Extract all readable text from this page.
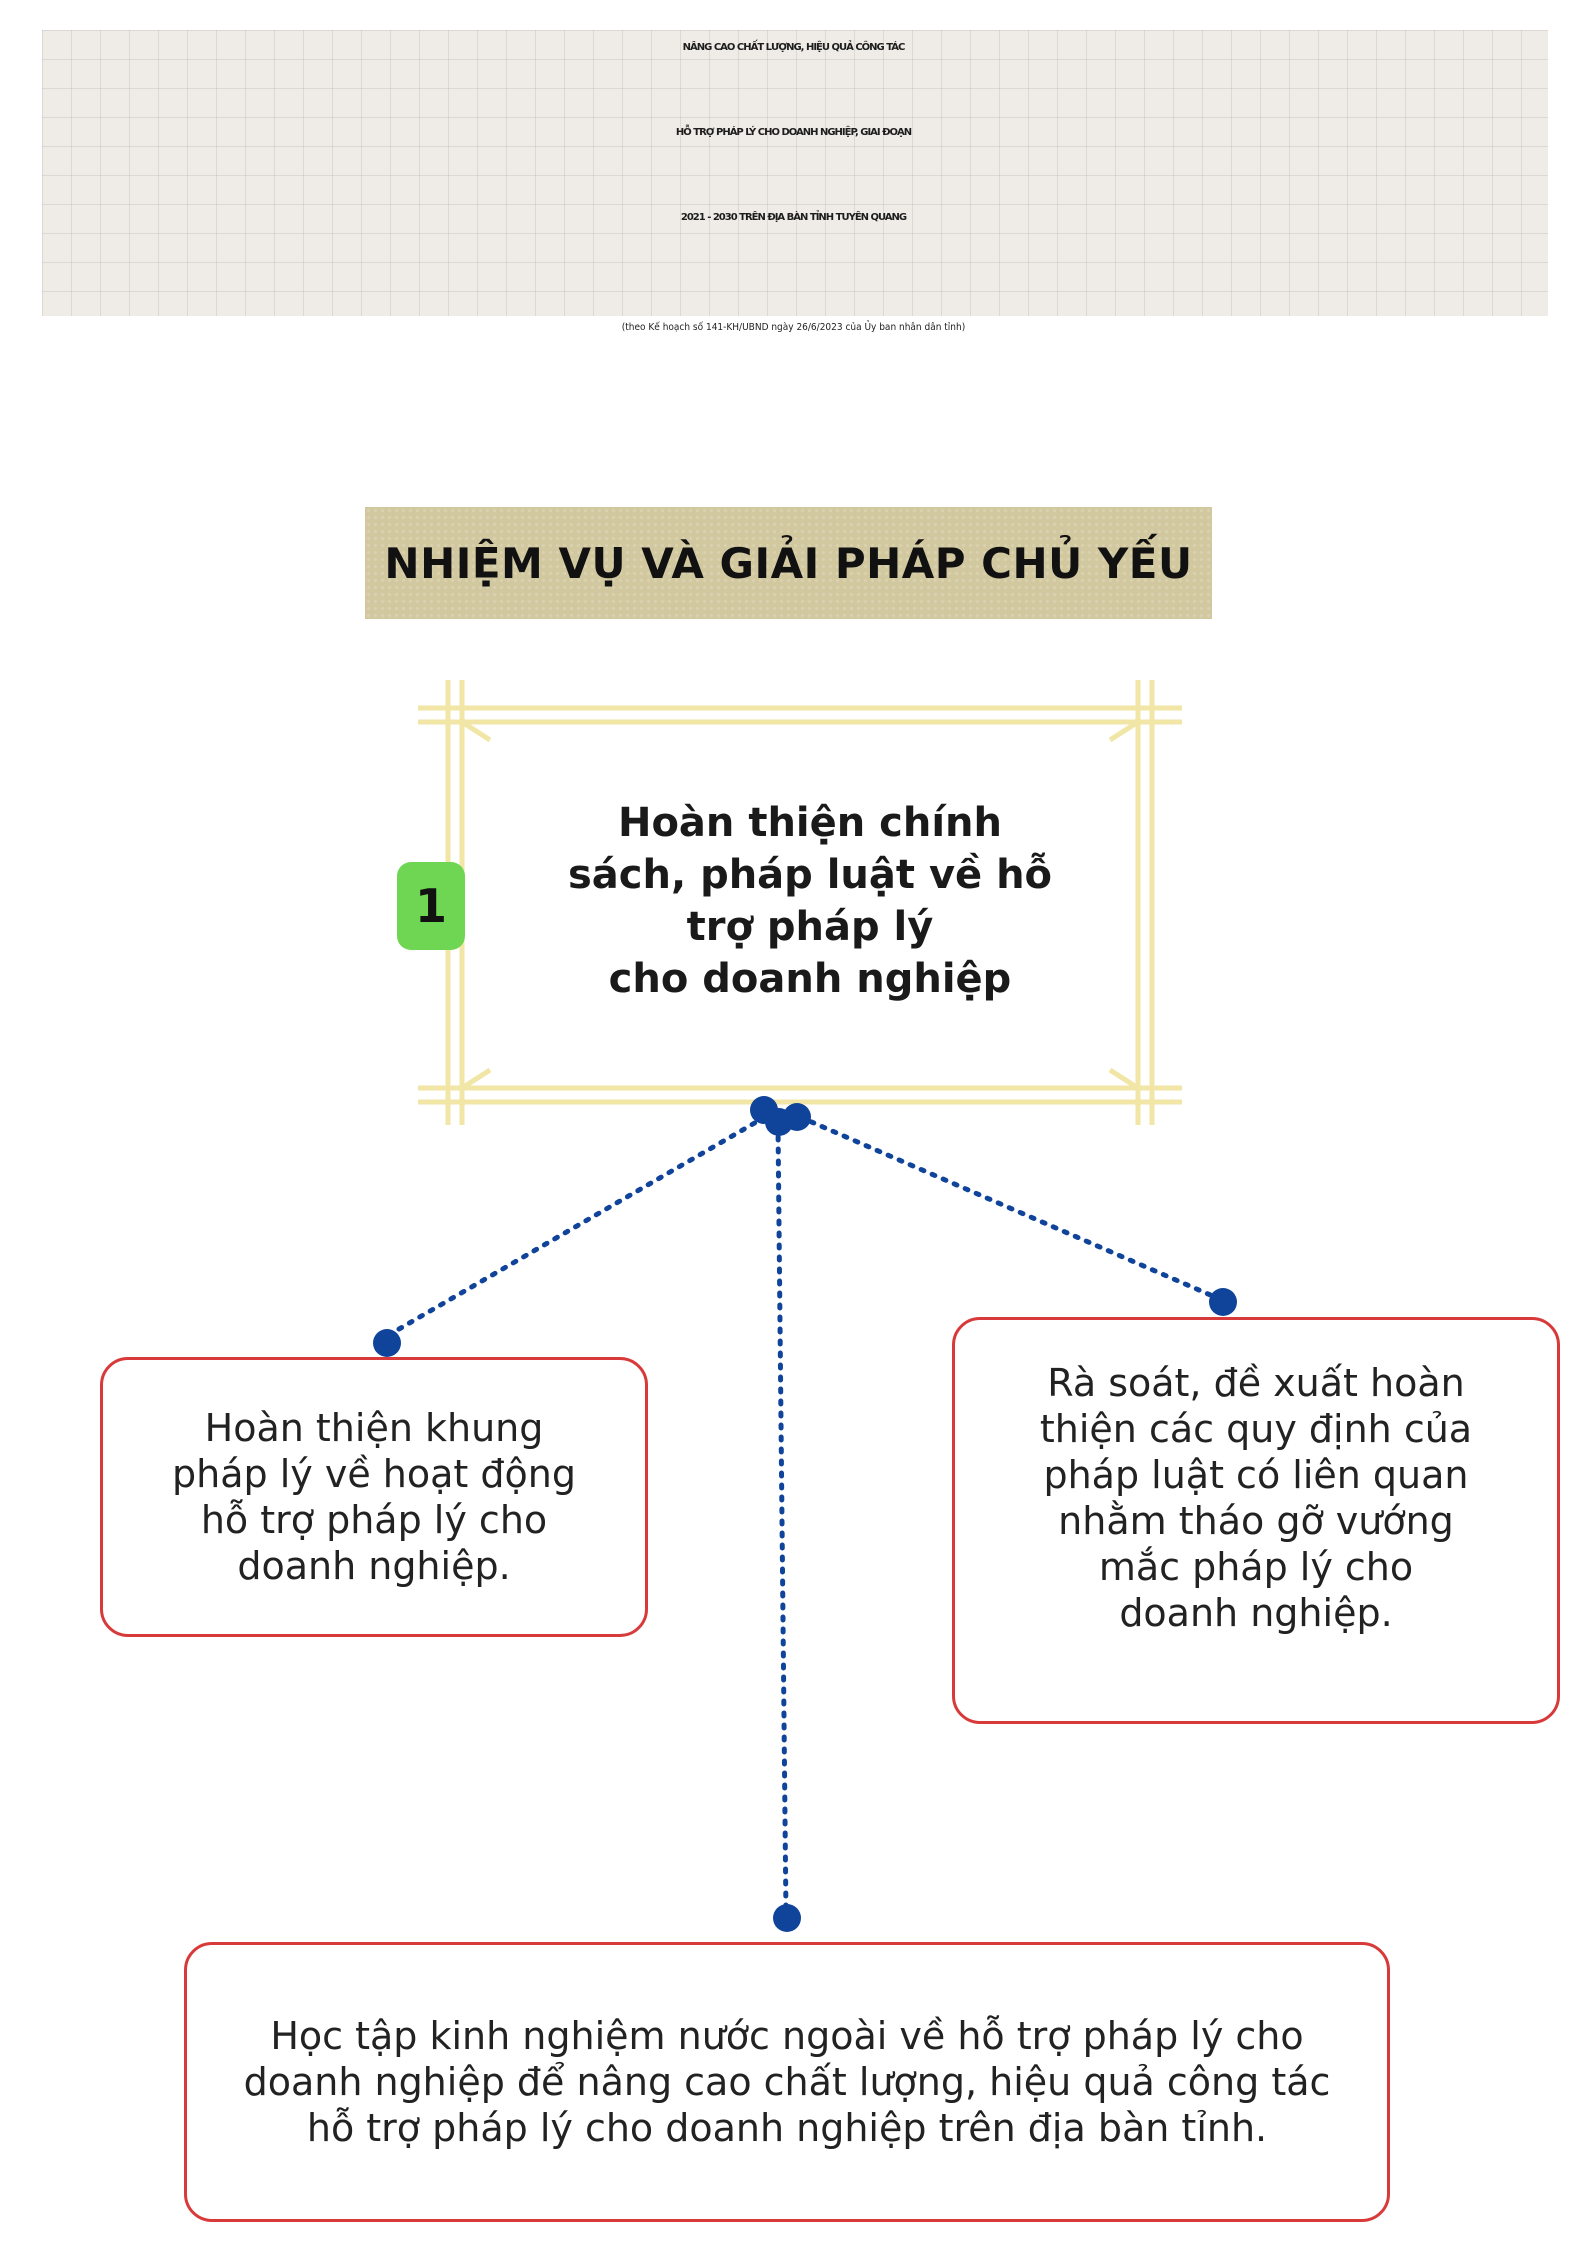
NÂNG CAO CHẤT LƯỢNG, HIỆU QUẢ CÔNG TÁC
HỖ TRỢ PHÁP LÝ CHO DOANH NGHIỆP, GIAI ĐOẠN
2021 - 2030 TRÊN ĐỊA BÀN TỈNH TUYÊN QUANG
(theo Kế hoạch số 141-KH/UBND ngày 26/6/2023 của Ủy ban nhân dân tỉnh)
NHIỆM VỤ VÀ GIẢI PHÁP CHỦ YẾU
1
Hoàn thiện chính
sách, pháp luật về hỗ
trợ pháp lý
cho doanh nghiệp
Hoàn thiện khung
pháp lý về hoạt động
hỗ trợ pháp lý cho
doanh nghiệp.
Rà soát, đề xuất hoàn
thiện các quy định của
pháp luật có liên quan
nhằm tháo gỡ vướng
mắc pháp lý cho
doanh nghiệp.
Học tập kinh nghiệm nước ngoài về hỗ trợ pháp lý cho
doanh nghiệp để nâng cao chất lượng, hiệu quả công tác
hỗ trợ pháp lý cho doanh nghiệp trên địa bàn tỉnh.
